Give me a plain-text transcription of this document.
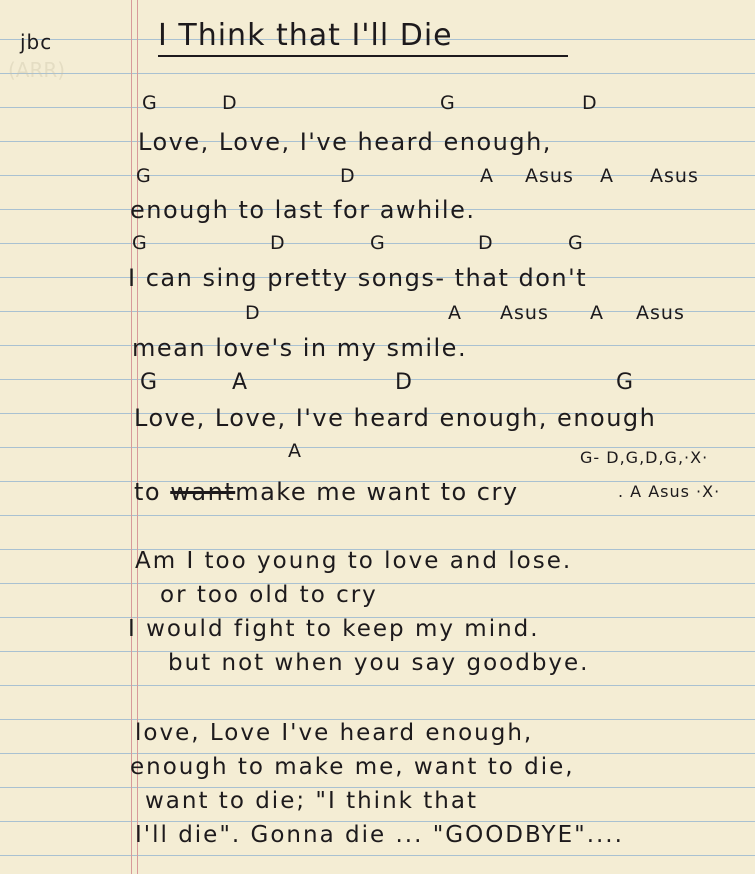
(ARR)
jbc	I Think that I'll Die
G	D	G	D
Love, Love, I've heard enough,
G	D	A Asus A Asus
enough to last for awhile.
G	D	G	D	G
I can sing pretty songs- that don't
D	A Asus A Asus
mean love's in my smile.
G	A	D	G
Love, Love, I've heard enough, enough
A	G- D,G,D,G,·X·
to wantmake me want to cry	. A Asus ·X·
Am I too young to love and lose.
or too old to cry
I would fight to keep my mind.
but not when you say goodbye.
love, Love I've heard enough,
enough to make me, want to die,
want to die; "I think that
I'll die". Gonna die ... "GOODBYE"....
